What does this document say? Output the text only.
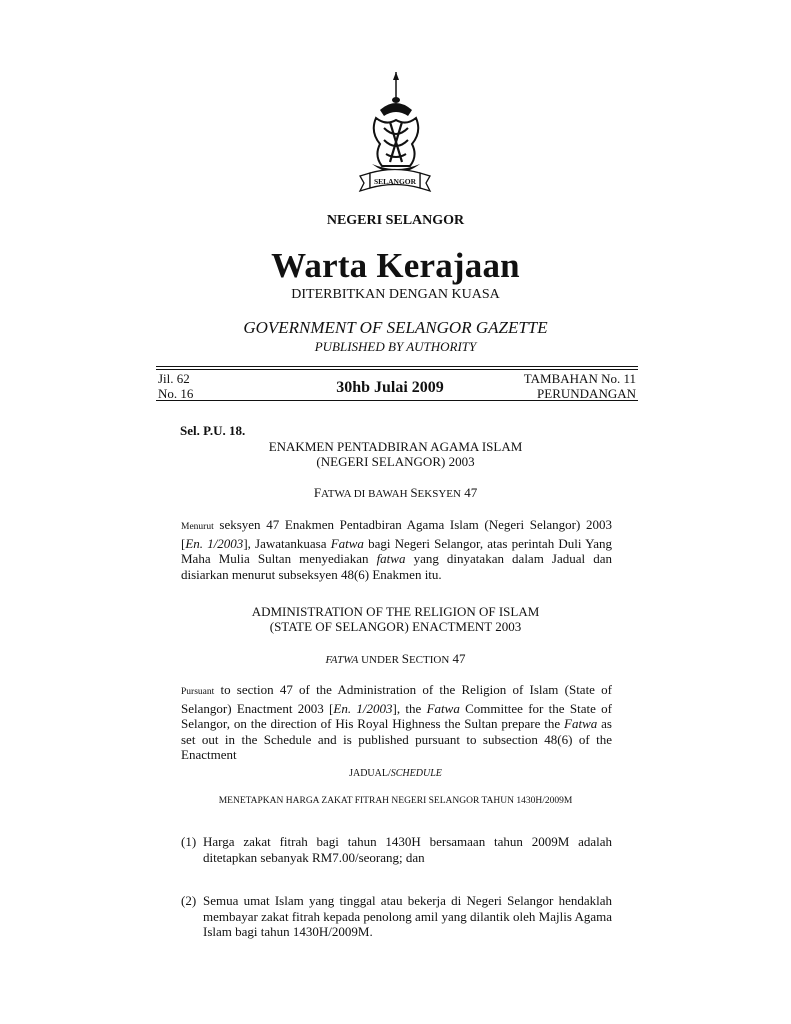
SELANGOR
NEGERI SELANGOR
Warta Kerajaan
DITERBITKAN DENGAN KUASA
GOVERNMENT OF SELANGOR GAZETTE
PUBLISHED BY AUTHORITY
Jil. 62
No. 16	30hb Julai 2009
TAMBAHAN No. 11
PERUNDANGAN
Sel. P.U. 18.
ENAKMEN PENTADBIRAN AGAMA ISLAM
(NEGERI SELANGOR) 2003
FATWA DI BAWAH SEKSYEN 47
Menurut seksyen 47 Enakmen Pentadbiran Agama Islam (Negeri Selangor) 2003 [En. 1/2003], Jawatankuasa Fatwa bagi Negeri Selangor, atas perintah Duli Yang Maha Mulia Sultan menyediakan fatwa yang dinyatakan dalam Jadual dan disiarkan menurut subseksyen 48(6) Enakmen itu.
ADMINISTRATION OF THE RELIGION OF ISLAM
(STATE OF SELANGOR) ENACTMENT 2003
FATWA UNDER SECTION 47
Pursuant to section 47 of the Administration of the Religion of Islam (State of Selangor) Enactment 2003 [En. 1/2003], the Fatwa Committee for the State of Selangor, on the direction of His Royal Highness the Sultan prepare the Fatwa as set out in the Schedule and is published pursuant to subsection 48(6) of the Enactment
JADUAL/SCHEDULE
MENETAPKAN HARGA ZAKAT FITRAH NEGERI SELANGOR TAHUN 1430H/2009M
(1) Harga zakat fitrah bagi tahun 1430H bersamaan tahun 2009M adalah ditetapkan sebanyak RM7.00/seorang; dan
(2) Semua umat Islam yang tinggal atau bekerja di Negeri Selangor hendaklah membayar zakat fitrah kepada penolong amil yang dilantik oleh Majlis Agama Islam bagi tahun 1430H/2009M.
